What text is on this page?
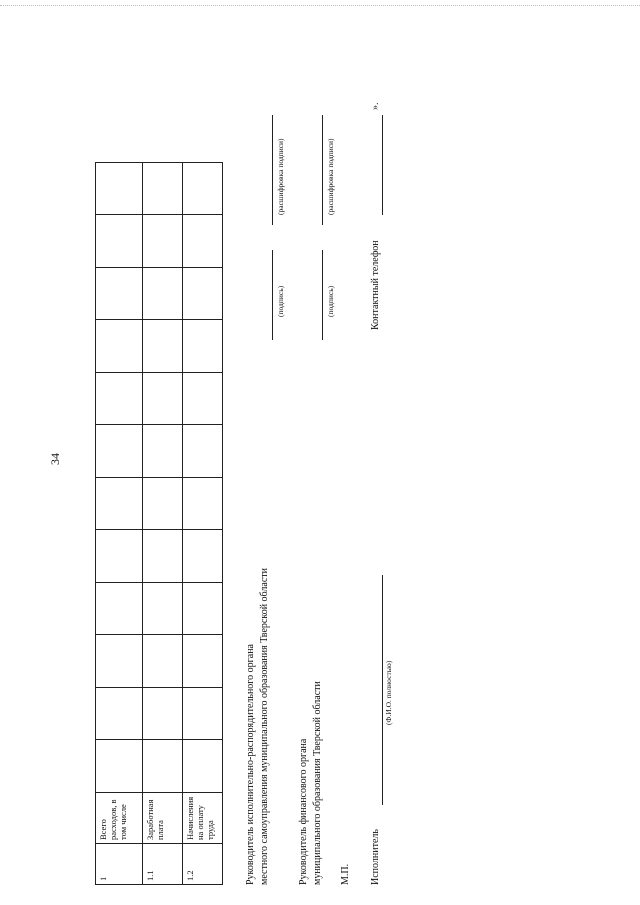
34
1	Всего расходов, в том числе												
1.1	Заработная плата												
1.2	Начисления на оплату труда													Руководитель исполнительно-распорядительного органа местного самоуправления муниципального образования Тверской области
(подпись)
(расшифровка подписи)
Руководитель финансового органа муниципального образования Тверской области
(подпись)
(расшифровка подписи)
М.П. Исполнитель
(Ф.И.О. полностью)
Контактный телефон
».
